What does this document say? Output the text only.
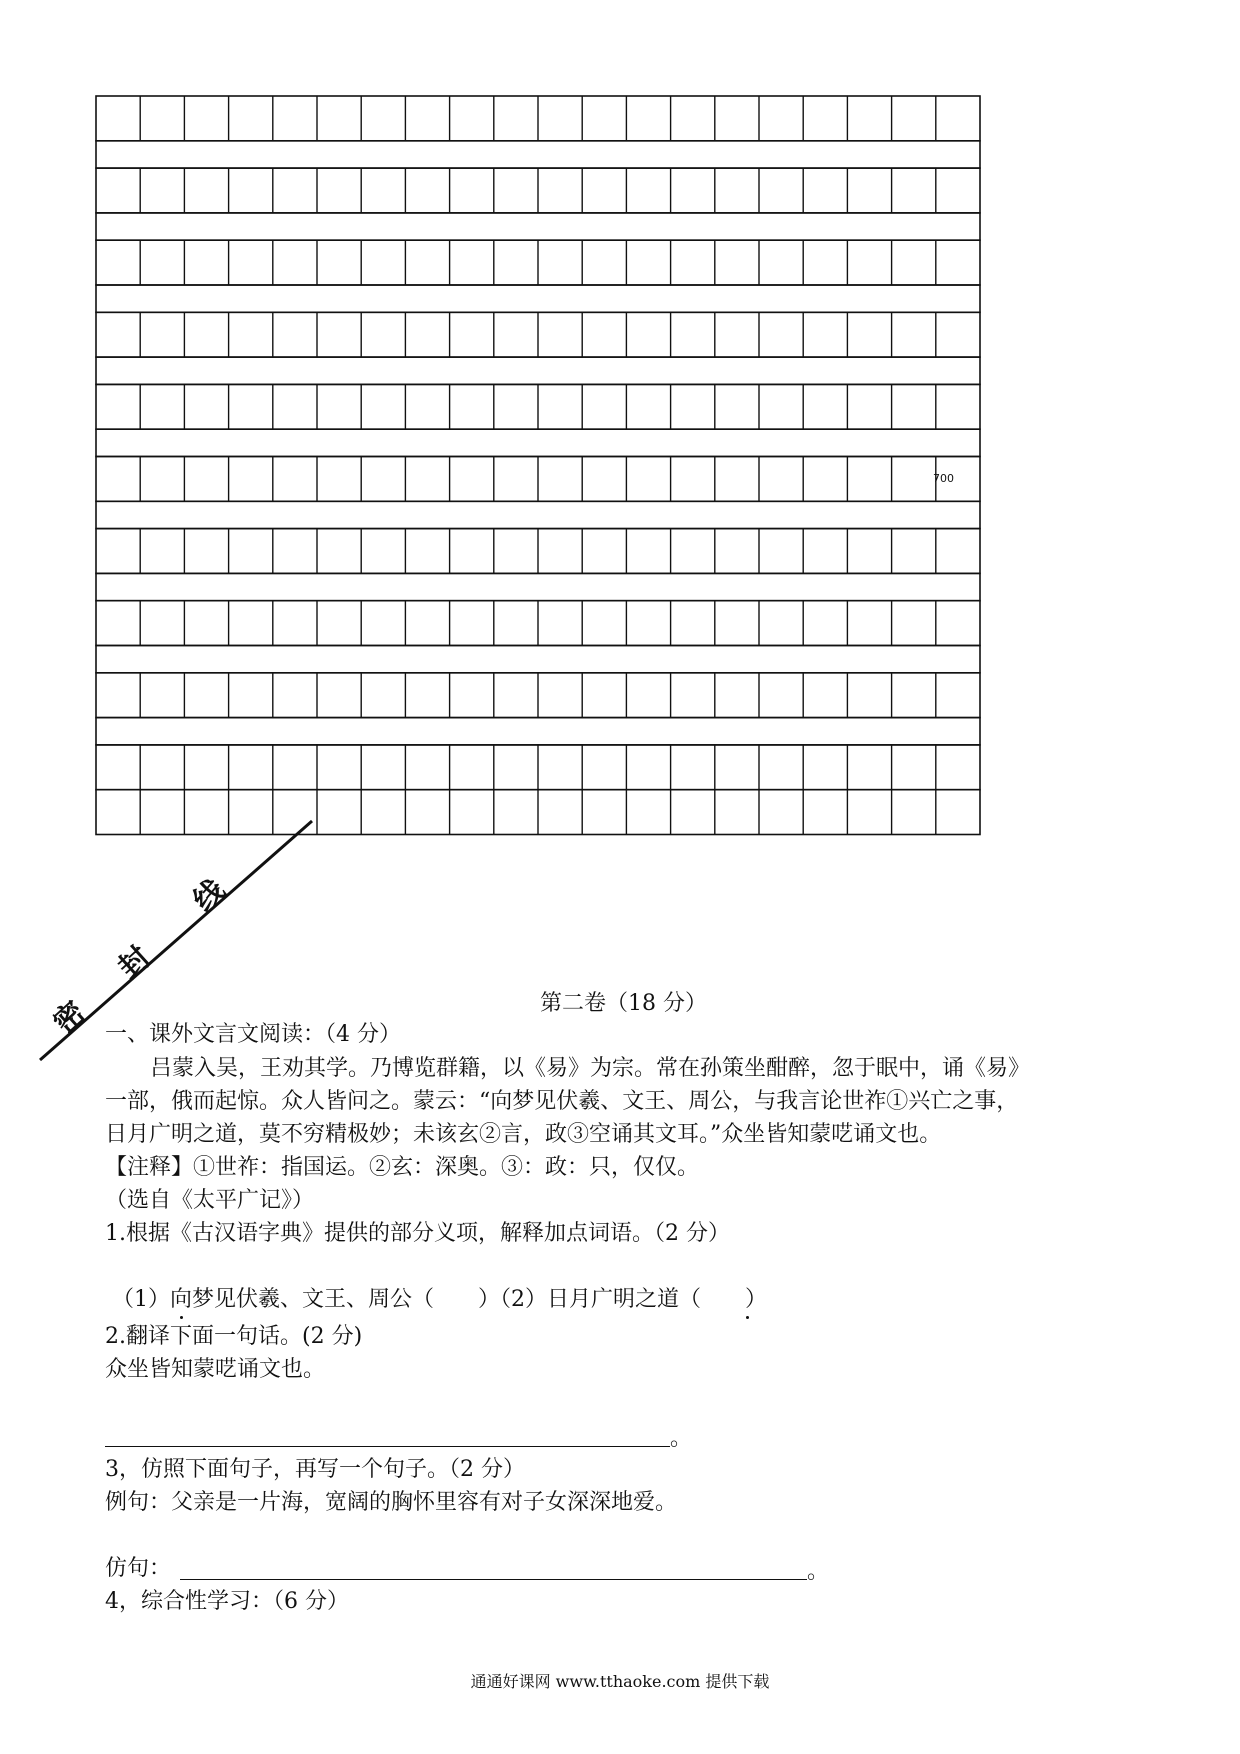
700
密
封
线
第二卷（18 分）
一、课外文言文阅读：（4 分）
吕蒙入吴，王劝其学。乃博览群籍，以《易》为宗。常在孙策坐酣醉，忽于眠中，诵《易》
一部，俄而起惊。众人皆问之。蒙云：“向梦见伏羲、文王、周公，与我言论世祚①兴亡之事，
日月广明之道，莫不穷精极妙；未该玄②言，政③空诵其文耳。”众坐皆知蒙呓诵文也。
【注释】①世祚：指国运。②玄：深奥。③：政：只，仅仅。
（选自《太平广记》）
1.根据《古汉语字典》提供的部分义项，解释加点词语。（2 分）
（1）向梦见伏羲、文王、周公（　　）（2）日月广明之道（　　）
2.翻译下面一句话。(2 分)
众坐皆知蒙呓诵文也。
。
3，仿照下面句子，再写一个句子。（2 分）
例句：父亲是一片海，宽阔的胸怀里容有对子女深深地爱。
仿句：	。
4，综合性学习：（6 分）
通通好课网 www.tthaoke.com 提供下载
